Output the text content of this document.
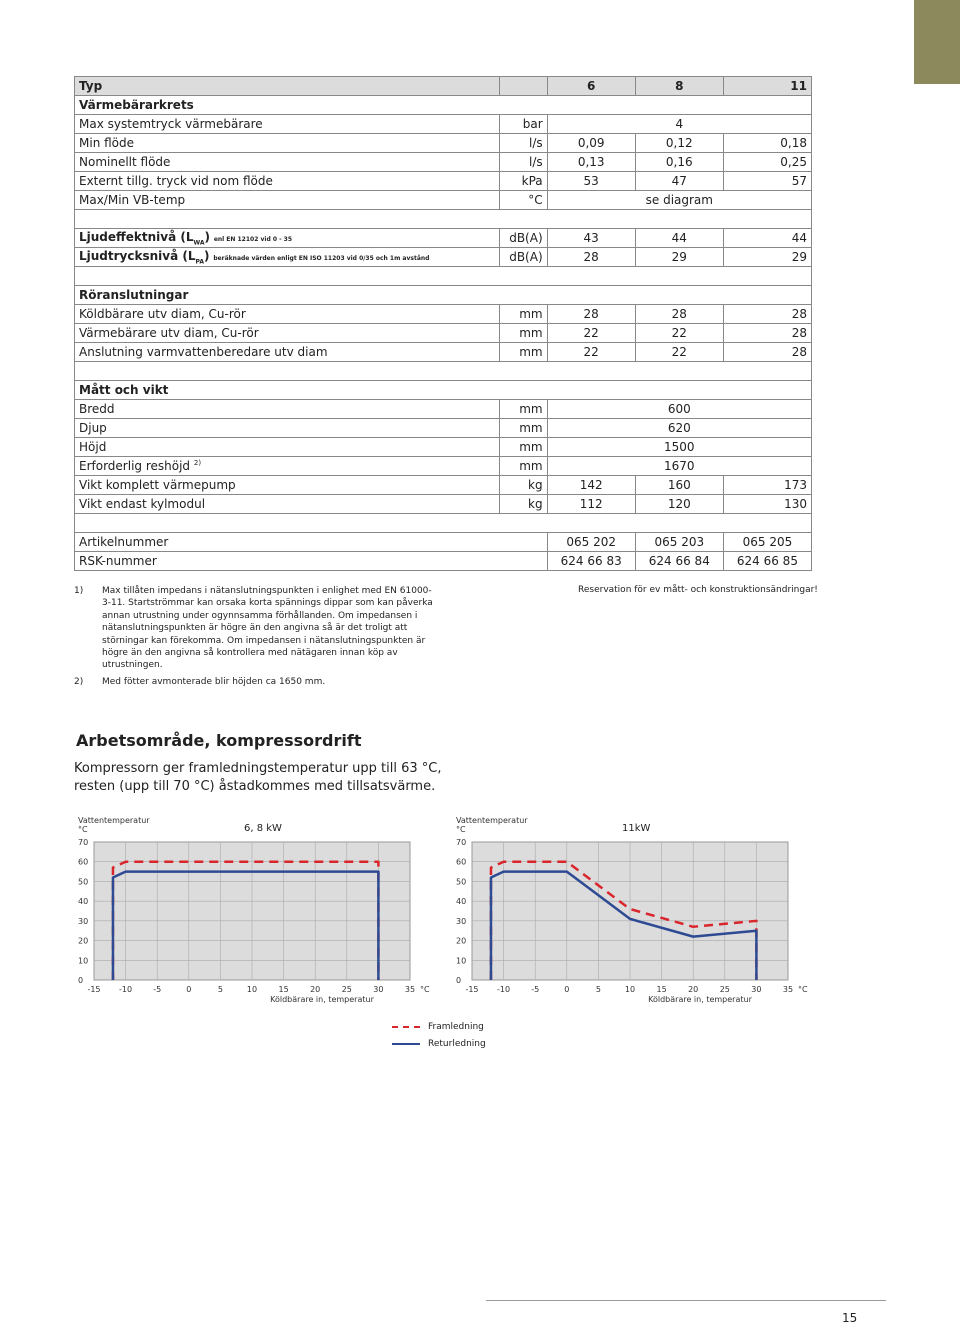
Typ		6	8	11
Värmebärarkrets				
Max systemtryck värmebärare	bar	4		
Min flöde	l/s	0,09	0,12	0,18
Nominellt flöde	l/s	0,13	0,16	0,25
Externt tillg. tryck vid nom flöde	kPa	53	47	57
Max/Min VB-temp	°C	se diagram		

Ljudeffektnivå $(L_{WA})$ enl EN 12102 vid 0 - 35	dB(A)	43	44	44
Ljudtrycksnivå $(L_{PA})$ beräknade värden enligt EN ISO 11203 vid 0/35 och 1m avstånd	dB(A)	28	29	29

Röranslutningar				
Köldbärare utv diam, Cu-rör	mm	28	28	28
Värmebärare utv diam, Cu-rör	mm	22	22	28
Anslutning varmvattenberedare utv diam	mm	22	22	28

Mått och vikt				
Bredd	mm	600		
Djup	mm	620		
Höjd	mm	1500		
Erforderlig reshöjd $^{2)}$	mm	1670		
Vikt komplett värmepump	kg	142	160	173
Vikt endast kylmodul	kg	112	120	130

Artikelnummer		065 202	065 203	065 205
RSK-nummer		624 66 83	624 66 84	624 66 85
1)	Max tillåten impedans i nätanslutningspunkten i enlighet med EN 61000-3-11. Startströmmar kan orsaka korta spännings dippar som kan påverka annan utrustning under ogynnsamma förhållanden. Om impedansen i nätanslutningspunkten är högre än den angivna så är det troligt att störningar kan förekomma. Om impedansen i nätanslutningspunkten är högre än den angivna så kontrollera med nätägaren innan köp av utrustningen.
2)	Med fötter avmonterade blir höjden ca 1650 mm.
Reservation för ev mått- och konstruktionsändringar!
Arbetsområde, kompressordrift
Kompressorn ger framledningstemperatur upp till 63 °C,
resten (upp till 70 °C) åstadkommes med tillsatsvärme.
0
10
20
30
40
50
60
70
-15 -10	-5	0	5	10	15	20	25	30	35 °C
Vattentemperatur
°C	6, 8 kW
Köldbärare in, temperatur
0
10
20
30
40
50
60
70
-15 -10	-5	0	5	10	15	20	25	30	35 °C
Vattentemperatur
°C	11kW
Köldbärare in, temperatur
Framledning
Returledning
15
